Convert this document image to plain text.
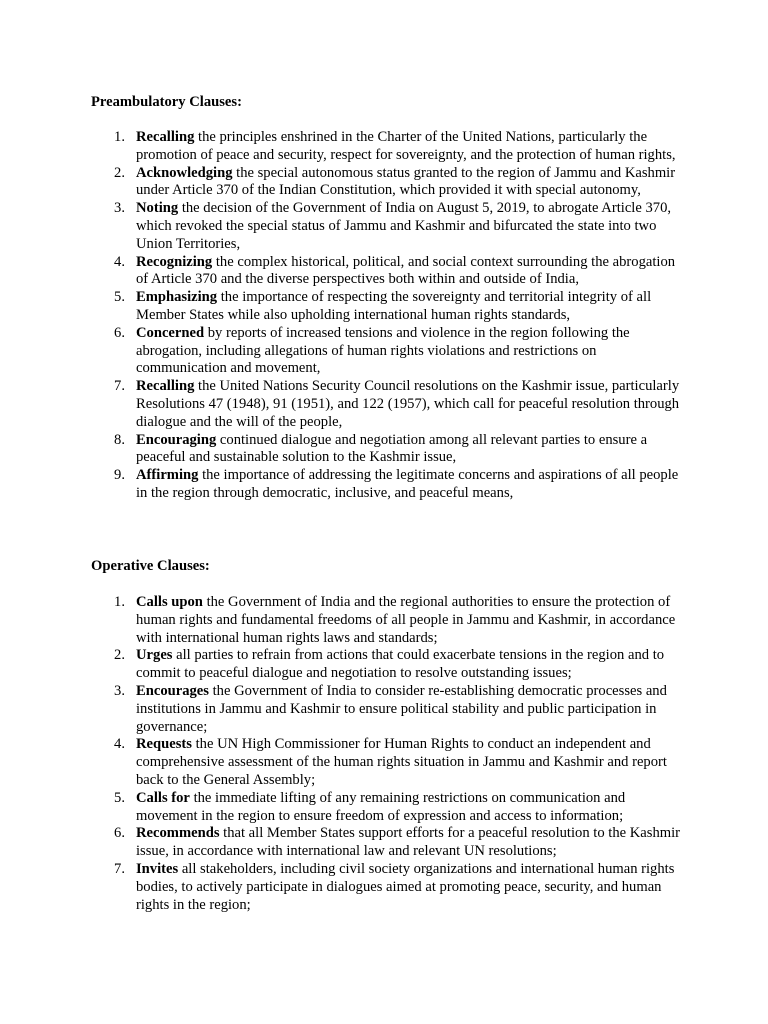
Preambulatory Clauses:

1. Recalling the principles enshrined in the Charter of the United Nations, particularly the promotion of peace and security, respect for sovereignty, and the protection of human rights,
2. Acknowledging the special autonomous status granted to the region of Jammu and Kashmir under Article 370 of the Indian Constitution, which provided it with special autonomy,
3. Noting the decision of the Government of India on August 5, 2019, to abrogate Article 370, which revoked the special status of Jammu and Kashmir and bifurcated the state into two Union Territories,
4. Recognizing the complex historical, political, and social context surrounding the abrogation of Article 370 and the diverse perspectives both within and outside of India,
5. Emphasizing the importance of respecting the sovereignty and territorial integrity of all Member States while also upholding international human rights standards,
6. Concerned by reports of increased tensions and violence in the region following the abrogation, including allegations of human rights violations and restrictions on communication and movement,
7. Recalling the United Nations Security Council resolutions on the Kashmir issue, particularly Resolutions 47 (1948), 91 (1951), and 122 (1957), which call for peaceful resolution through dialogue and the will of the people,
8. Encouraging continued dialogue and negotiation among all relevant parties to ensure a peaceful and sustainable solution to the Kashmir issue,
9. Affirming the importance of addressing the legitimate concerns and aspirations of all people in the region through democratic, inclusive, and peaceful means,

Operative Clauses:

1. Calls upon the Government of India and the regional authorities to ensure the protection of human rights and fundamental freedoms of all people in Jammu and Kashmir, in accordance with international human rights laws and standards;
2. Urges all parties to refrain from actions that could exacerbate tensions in the region and to commit to peaceful dialogue and negotiation to resolve outstanding issues;
3. Encourages the Government of India to consider re-establishing democratic processes and institutions in Jammu and Kashmir to ensure political stability and public participation in governance;
4. Requests the UN High Commissioner for Human Rights to conduct an independent and comprehensive assessment of the human rights situation in Jammu and Kashmir and report back to the General Assembly;
5. Calls for the immediate lifting of any remaining restrictions on communication and movement in the region to ensure freedom of expression and access to information;
6. Recommends that all Member States support efforts for a peaceful resolution to the Kashmir issue, in accordance with international law and relevant UN resolutions;
7. Invites all stakeholders, including civil society organizations and international human rights bodies, to actively participate in dialogues aimed at promoting peace, security, and human rights in the region;
